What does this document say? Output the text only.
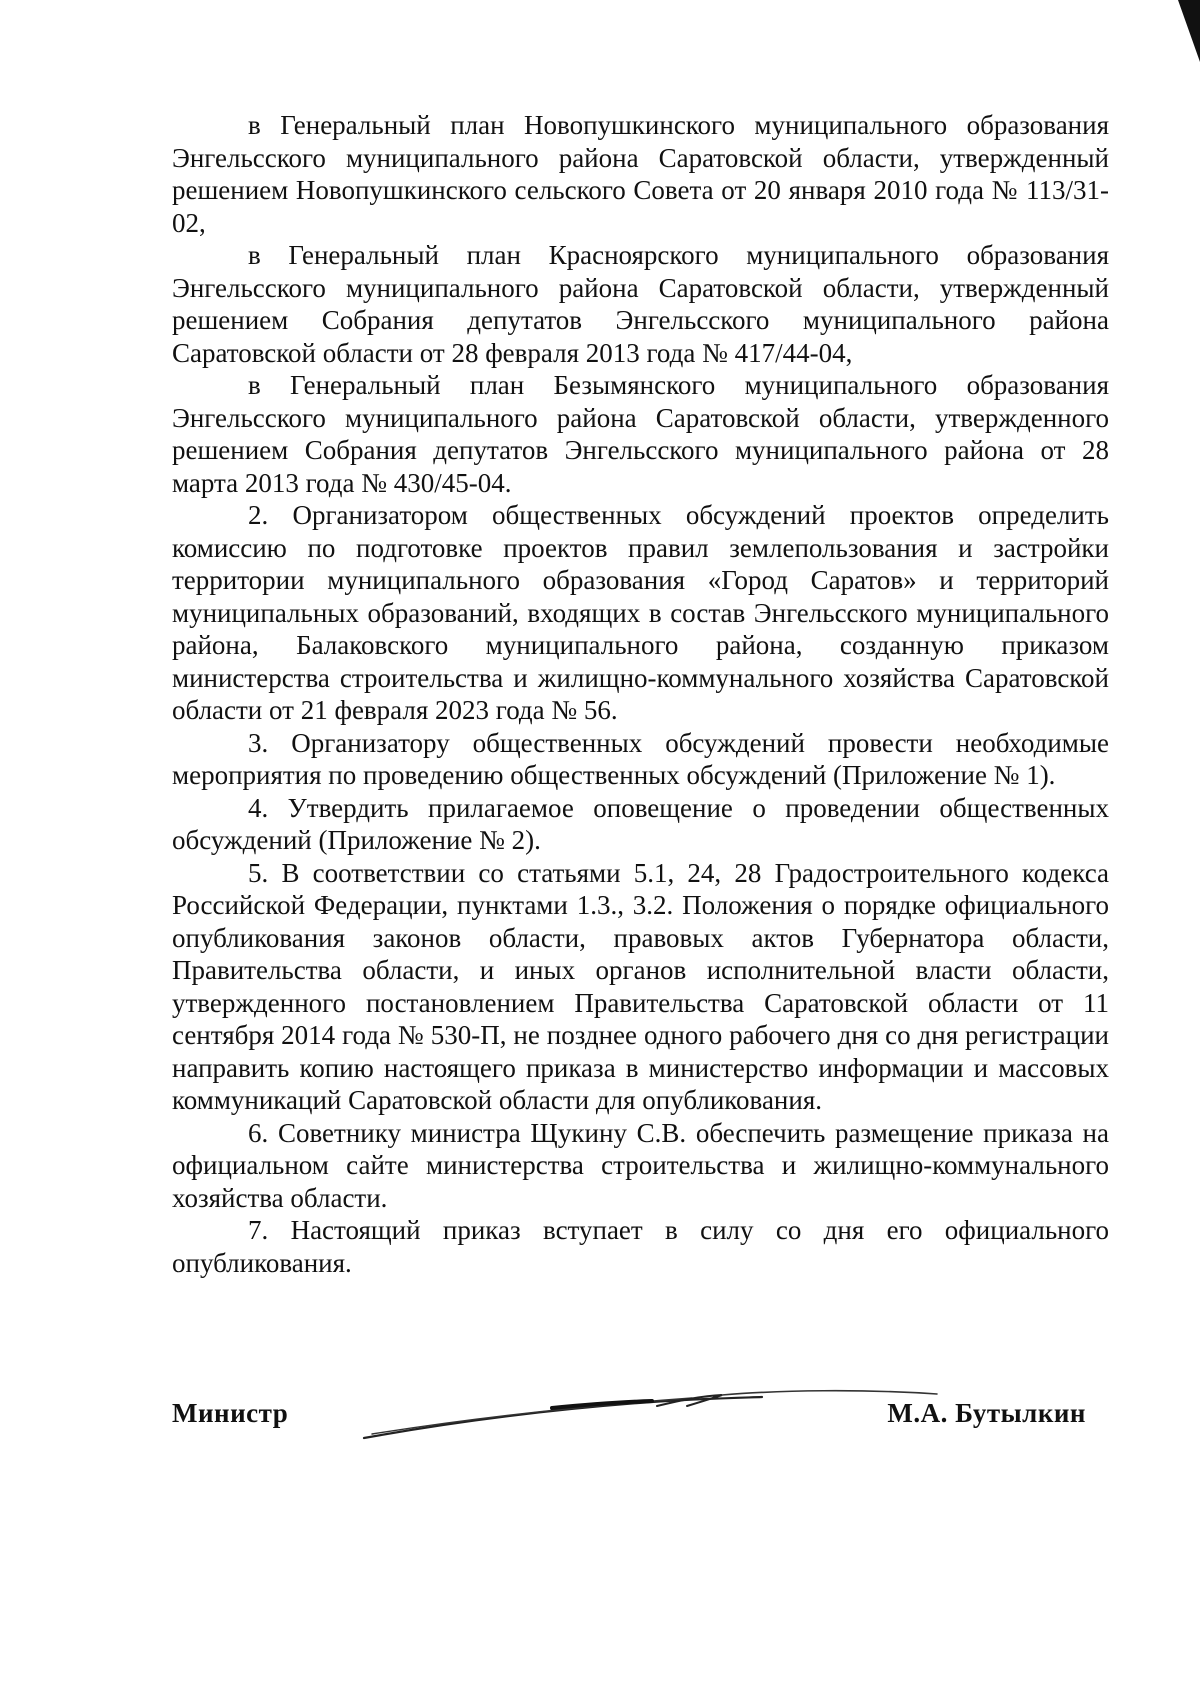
в Генеральный план Новопушкинского муниципального образования Энгельсского муниципального района Саратовской области, утвержденный решением Новопушкинского сельского Совета от 20 января 2010 года № 113/31-02,

в Генеральный план Красноярского муниципального образования Энгельсского муниципального района Саратовской области, утвержденный решением Собрания депутатов Энгельсского муниципального района Саратовской области от 28 февраля 2013 года № 417/44-04,

в Генеральный план Безымянского муниципального образования Энгельсского муниципального района Саратовской области, утвержденного решением Собрания депутатов Энгельсского муниципального района от 28 марта 2013 года № 430/45-04.

2. Организатором общественных обсуждений проектов определить комиссию по подготовке проектов правил землепользования и застройки территории муниципального образования «Город Саратов» и территорий муниципальных образований, входящих в состав Энгельсского муниципального района, Балаковского муниципального района, созданную приказом министерства строительства и жилищно-коммунального хозяйства Саратовской области от 21 февраля 2023 года № 56.

3. Организатору общественных обсуждений провести необходимые мероприятия по проведению общественных обсуждений (Приложение № 1).

4. Утвердить прилагаемое оповещение о проведении общественных обсуждений (Приложение № 2).

5. В соответствии со статьями 5.1, 24, 28 Градостроительного кодекса Российской Федерации, пунктами 1.3., 3.2. Положения о порядке официального опубликования законов области, правовых актов Губернатора области, Правительства области, и иных органов исполнительной власти области, утвержденного постановлением Правительства Саратовской области от 11 сентября 2014 года № 530-П, не позднее одного рабочего дня со дня регистрации направить копию настоящего приказа в министерство информации и массовых коммуникаций Саратовской области для опубликования.

6. Советнику министра Щукину С.В. обеспечить размещение приказа на официальном сайте министерства строительства и жилищно-коммунального хозяйства области.

7. Настоящий приказ вступает в силу со дня его официального опубликования.

Министр	М.А. Бутылкин
